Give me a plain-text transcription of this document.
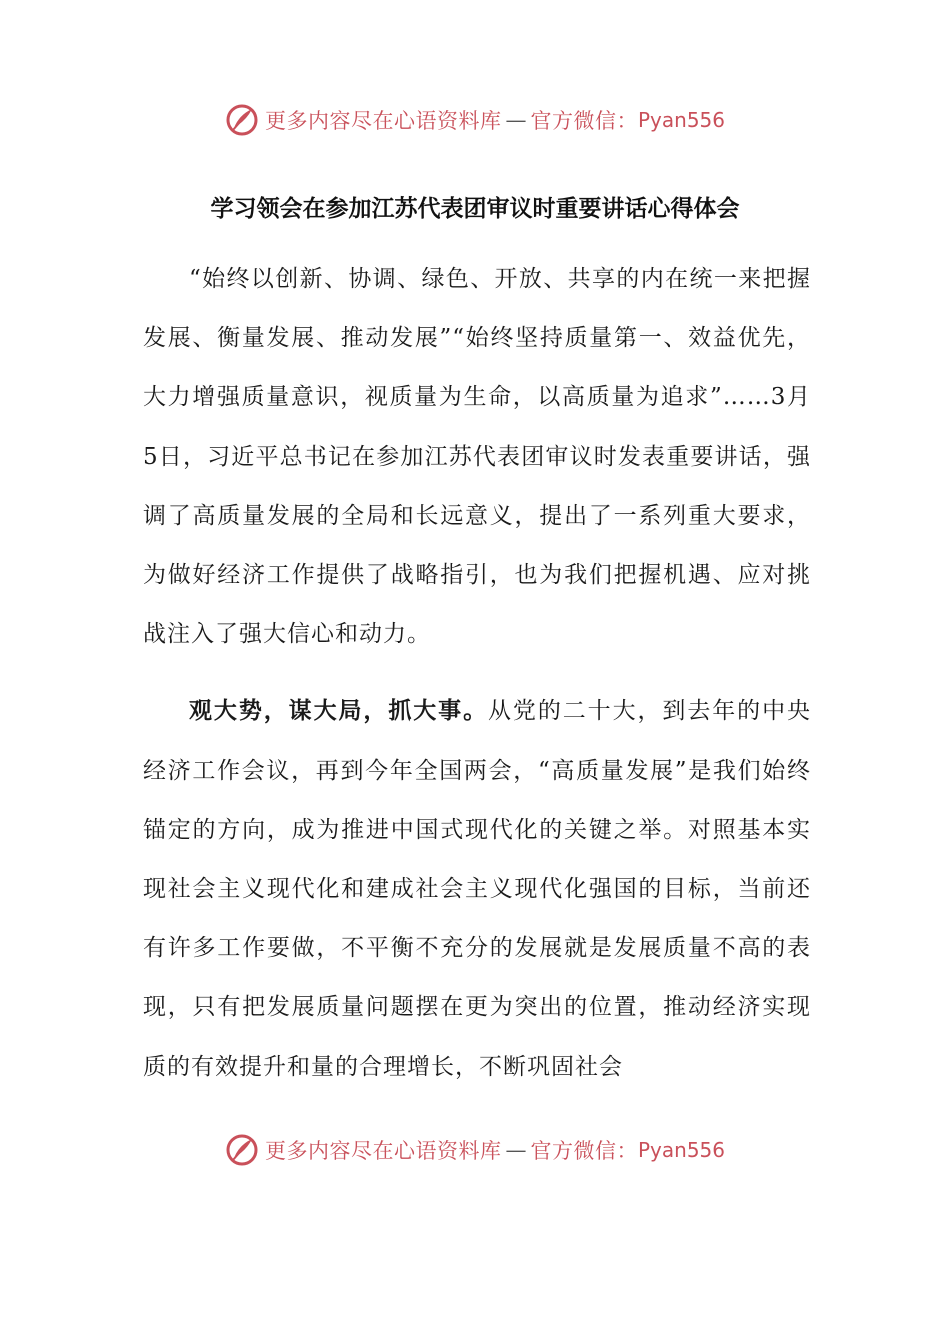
更多内容尽在心语资料库 — 官方微信： Pyan556
学习领会在参加江苏代表团审议时重要讲话心得体会

“始终以创新、协调、绿色、开放、共享的内在统一来把握发展、衡量发展、推动发展”“始终坚持质量第一、效益优先，大力增强质量意识，视质量为生命，以高质量为追求”……3月5日，习近平总书记在参加江苏代表团审议时发表重要讲话，强调了高质量发展的全局和长远意义，提出了一系列重大要求，为做好经济工作提供了战略指引，也为我们把握机遇、应对挑战注入了强大信心和动力。

观大势，谋大局，抓大事。从党的二十大，到去年的中央经济工作会议，再到今年全国两会，“高质量发展”是我们始终锚定的方向，成为推进中国式现代化的关键之举。对照基本实现社会主义现代化和建成社会主义现代化强国的目标，当前还有许多工作要做，不平衡不充分的发展就是发展质量不高的表现，只有把发展质量问题摆在更为突出的位置，推动经济实现质的有效提升和量的合理增长，不断巩固社会

更多内容尽在心语资料库 — 官方微信： Pyan556
